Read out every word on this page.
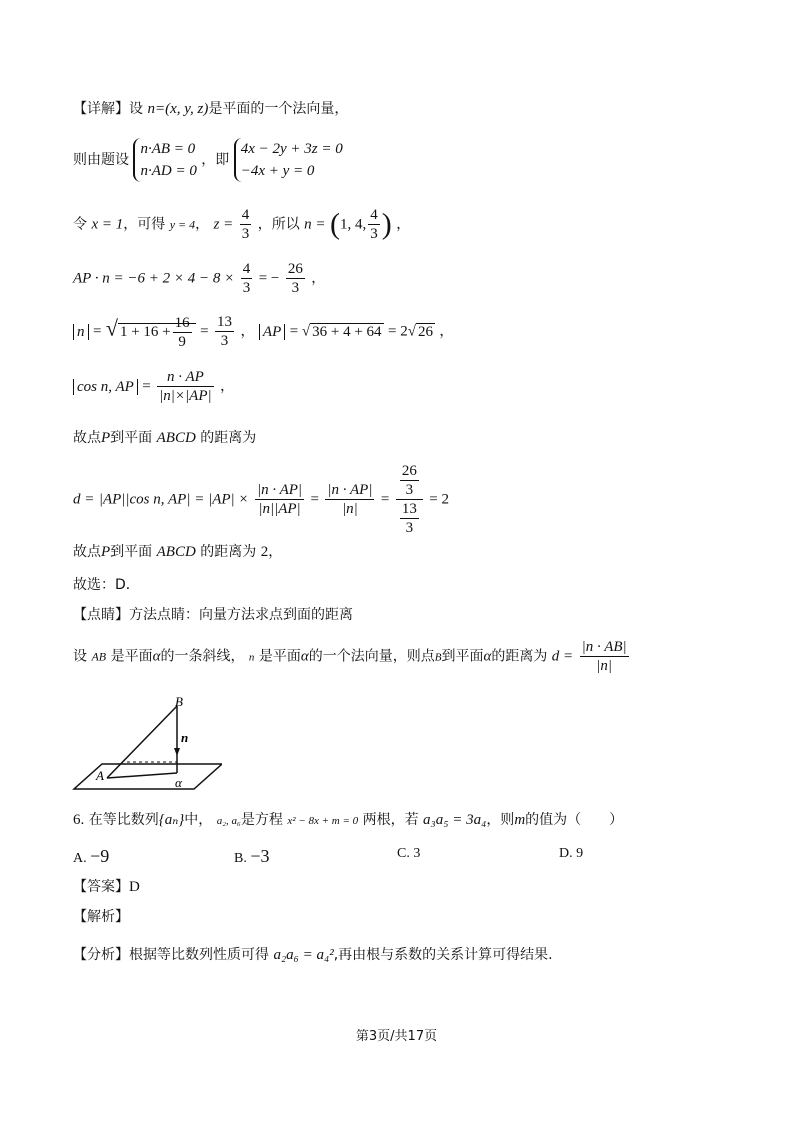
【详解】设 n=(x, y, z)是平面的一个法向量，
则由题设 n·AB = 0
n·AD = 0 ，即 4x − 2y + 3z = 0
−4x + y = 0
令 x = 1，可得 y = 4， $z = \frac{4}{3}$ ，所以 n = (1, 4, $\frac{4}{3}$ ) ，
AP · $n = -6 + 2 \times 4 - 8 \times \frac{4}{3}$ = − $\frac{26}{3}$ ，
n = √ $1 + 16 + \frac{16}{9} = \frac{13}{3}$ ， AP = √ 36 + 4 + 64 = 2√ 26 ，
cos n, AP = $\frac{n \cdot AP}{|n|\times|AP|}$ ，
故点P到平面 ABCD 的距离为
d = |AP||cos n, $AP| = |AP| \times \frac{|n \cdot AP|}{|n||AP|} = \frac{|n \cdot AP|}{|n|} = \frac{\frac{26}{3}}{\frac{13}{3}} = 2$
故点P到平面 ABCD 的距离为 2，
故选：D．
【点睛】方法点睛：向量方法求点到面的距离
设 AB 是平面α的一条斜线， n 是平面α的一个法向量，则点B到平面α的距离为 $d = \frac{|n \cdot AB|}{|n|}$
B
A
n
α
6. 在等比数列{aₙ}中， a₂, a₆是方程 x² − 8x + m = 0 两根，若 a₃a₅ = 3a₄，则m的值为（　　）
A. −9	B. −3	C. 3	D. 9
【答案】D
【解析】
【分析】根据等比数列性质可得 a₂a₆ = a₄²,再由根与系数的关系计算可得结果.
第3页/共17页
